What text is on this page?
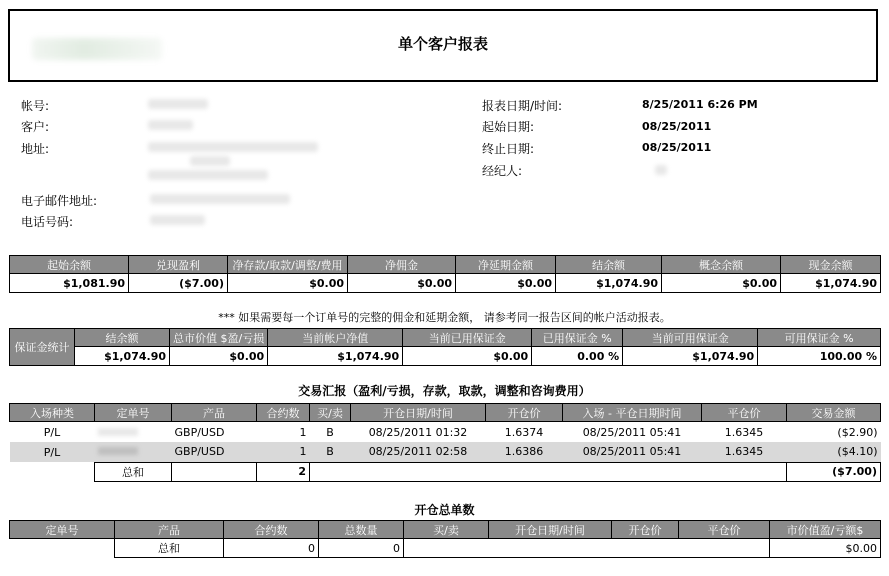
单个客户报表
帐号:
客户:
地址:
电子邮件地址:
电话号码:
报表日期/时间:	8/25/2011 6:26 PM
起始日期:	08/25/2011
终止日期:	08/25/2011
经纪人:
起始余额	兑现盈利	净存款/取款/调整/费用	净佣金	净延期金额	结余额	概念余额	现金余额
$1,081.90	($7.00)	$0.00	$0.00	$0.00	$1,074.90	$0.00	$1,074.90
*** 如果需要每一个订单号的完整的佣金和延期金额， 请参考同一报告区间的帐户活动报表。
保证金统计	结余额	总市价值 $盈/亏损	当前帐户净值	当前已用保证金	已用保证金 %	当前可用保证金	可用保证金 %
	$1,074.90	$0.00	$1,074.90	$0.00	0.00 %	$1,074.90	100.00 %
交易汇报（盈利/亏损，存款，取款，调整和咨询费用）
入场种类	定单号	产品	合约数	买/卖	开仓日期/时间	开仓价	入场 - 平仓日期时间	平仓价	交易金额
P/L		GBP/USD	1	B	08/25/2011 01:32	1.6374	08/25/2011 05:41	1.6345	($2.90)
P/L		GBP/USD	1	B	08/25/2011 02:58	1.6386	08/25/2011 05:41	1.6345	($4.10)
	总和		2						($7.00)
开仓总单数
定单号	产品	合约数	总数量	买/卖	开仓日期/时间	开仓价	平仓价	市价值盈/亏额$
	总和	0	0					$0.00
